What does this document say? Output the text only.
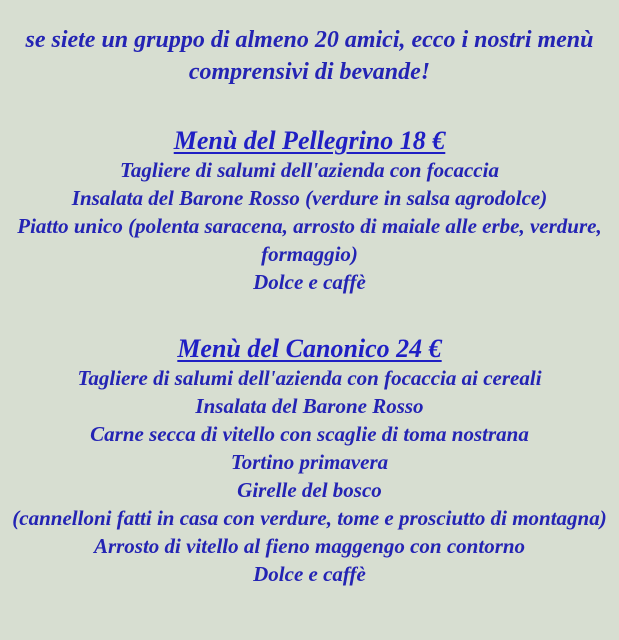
se siete un gruppo di almeno 20 amici, ecco i nostri menù comprensivi di bevande!

Menù del Pellegrino 18 €
Tagliere di salumi dell'azienda con focaccia
Insalata del Barone Rosso (verdure in salsa agrodolce)
Piatto unico (polenta saracena, arrosto di maiale alle erbe, verdure, formaggio)
Dolce e caffè
Menù del Canonico 24 €
Tagliere di salumi dell'azienda con focaccia ai cereali
Insalata del Barone Rosso
Carne secca di vitello con scaglie di toma nostrana
Tortino primavera
Girelle del bosco
(cannelloni fatti in casa con verdure, tome e prosciutto di montagna)
Arrosto di vitello al fieno maggengo con contorno
Dolce e caffè
